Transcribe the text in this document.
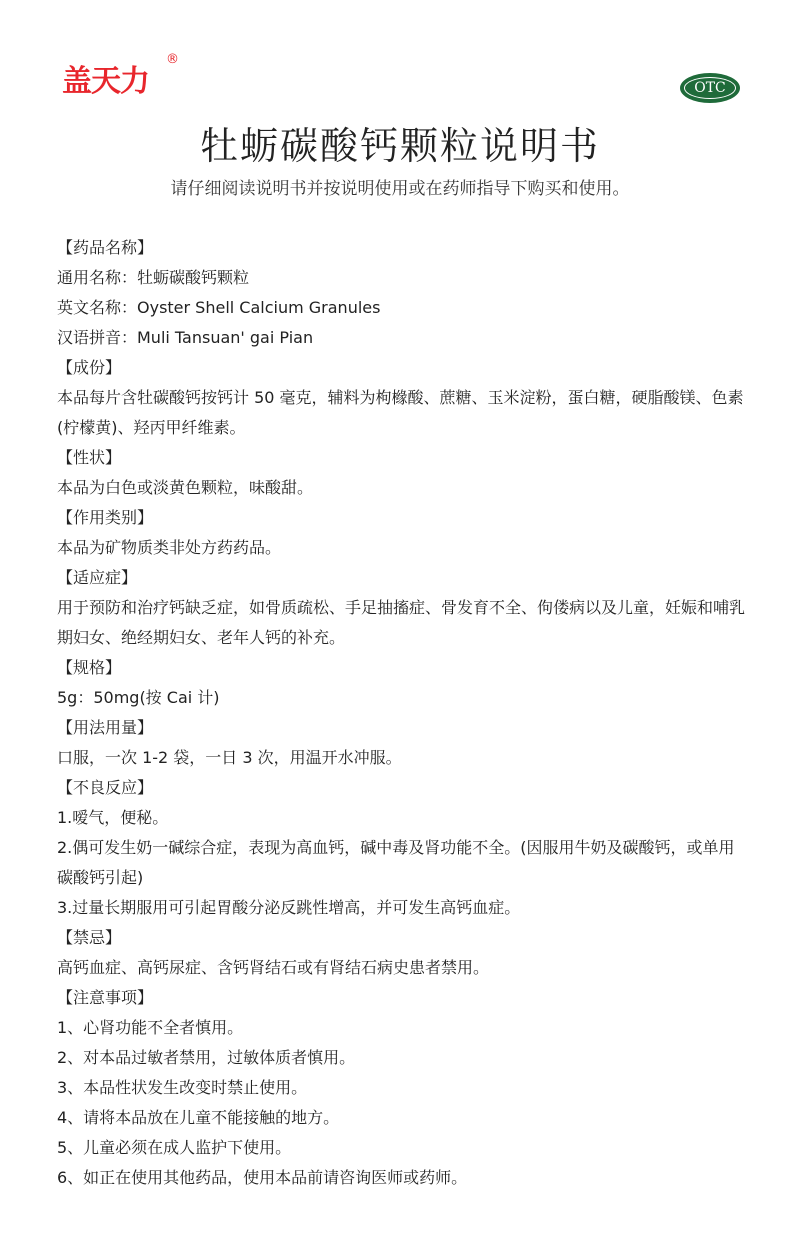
盖天力
®
OTC
牡蛎碳酸钙颗粒说明书
请仔细阅读说明书并按说明使用或在药师指导下购买和使用。

【药品名称】

通用名称：牡蛎碳酸钙颗粒

英文名称：Oyster Shell Calcium Granules

汉语拼音：Muli Tansuan' gai Pian

【成份】

本品每片含牡碳酸钙按钙计 50 毫克，辅料为枸橼酸、蔗糖、玉米淀粉，蛋白糖，硬脂酸镁、色素(柠檬黄)、羟丙甲纤维素。

【性状】

本品为白色或淡黄色颗粒，味酸甜。

【作用类别】

本品为矿物质类非处方药药品。

【适应症】

用于预防和治疗钙缺乏症，如骨质疏松、手足抽搐症、骨发育不全、佝偻病以及儿童，妊娠和哺乳期妇女、绝经期妇女、老年人钙的补充。

【规格】

5g：50mg(按 Cai 计)

【用法用量】

口服，一次 1-2 袋，一日 3 次，用温开水冲服。

【不良反应】

1.嗳气，便秘。

2.偶可发生奶一碱综合症，表现为高血钙，碱中毒及肾功能不全。(因服用牛奶及碳酸钙，或单用碳酸钙引起)

3.过量长期服用可引起胃酸分泌反跳性增高，并可发生高钙血症。

【禁忌】

高钙血症、高钙尿症、含钙肾结石或有肾结石病史患者禁用。

【注意事项】

1、心肾功能不全者慎用。

2、对本品过敏者禁用，过敏体质者慎用。

3、本品性状发生改变时禁止使用。

4、请将本品放在儿童不能接触的地方。

5、儿童必须在成人监护下使用。

6、如正在使用其他药品，使用本品前请咨询医师或药师。
